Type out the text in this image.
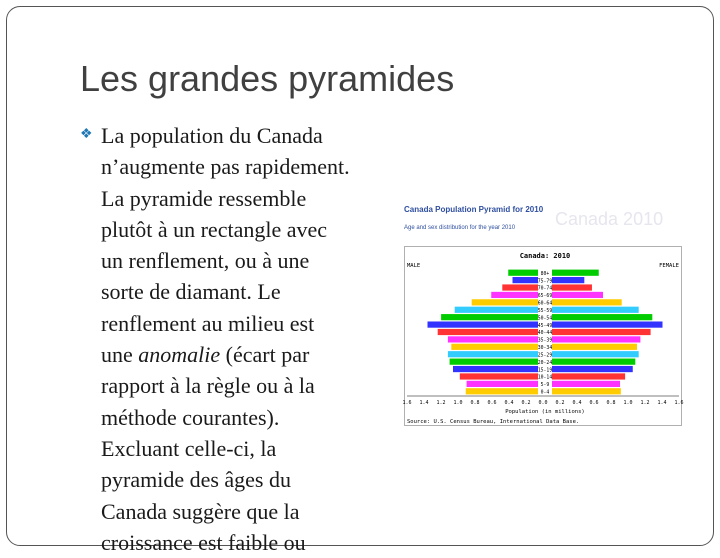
Les grandes pyramides
❖ La population du Canada
n’augmente pas rapidement.
La pyramide ressemble
plutôt à un rectangle avec
un renflement, ou à une
sorte de diamant. Le
renflement au milieu est
une anomalie (écart par
rapport à la règle ou à la
méthode courantes).
Excluant celle-ci, la
pyramide des âges du
Canada suggère que la
croissance est faible ou
Canada 2010
Canada Population Pyramid for 2010
Age and sex distribution for the year 2010
Canada: 2010
MALE	FEMALE
80+
75-79
70-74
65-69
60-64
55-59
50-54
45-49
40-44
35-39
30-34
25-29
20-24
15-19
10-14
5-9
0-4
1.6 1.4 1.2 1.0 0.8 0.6 0.4 0.2 0.0 0.2 0.4 0.6 0.8 1.0 1.2 1.4 1.6
Population (in millions)
Source: U.S. Census Bureau, International Data Base.
